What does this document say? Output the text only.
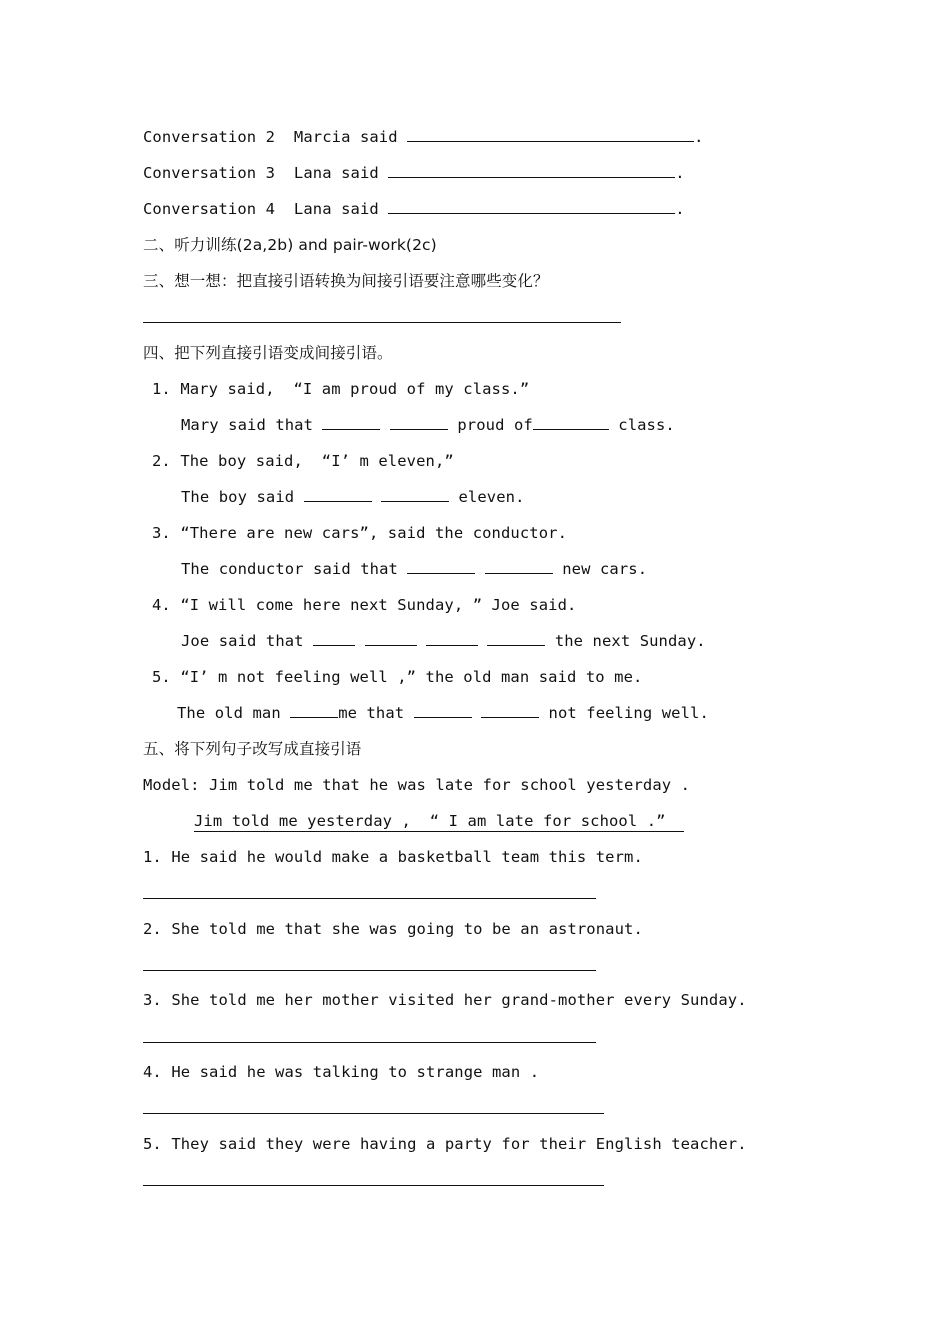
Conversation 2 Marcia said	.
Conversation 3 Lana said	.
Conversation 4 Lana said	.
二、听力训练(2a,2b) and pair-work(2c)
三、想一想：把直接引语转换为间接引语要注意哪些变化？
四、把下列直接引语变成间接引语。
1. Mary said,  “I am proud of my class.”
Mary said that	proud of	class.
2. The boy said,  “I’ m eleven,”
The boy said	eleven.
3. “There are new cars”, said the conductor.
The conductor said that	new cars.
4. “I will come here next Sunday, ” Joe said.
Joe said that	the next Sunday.
5. “I’ m not feeling well ,” the old man said to me.
The old man	me that	not feeling well.
五、将下列句子改写成直接引语
Model: Jim told me that he was late for school yesterday .
Jim told me yesterday ,  “ I am late for school .”
1. He said he would make a basketball team this term.
2. She told me that she was going to be an astronaut.
3. She told me her mother visited her grand-mother every Sunday.
4. He said he was talking to strange man .
5. They said they were having a party for their English teacher.
